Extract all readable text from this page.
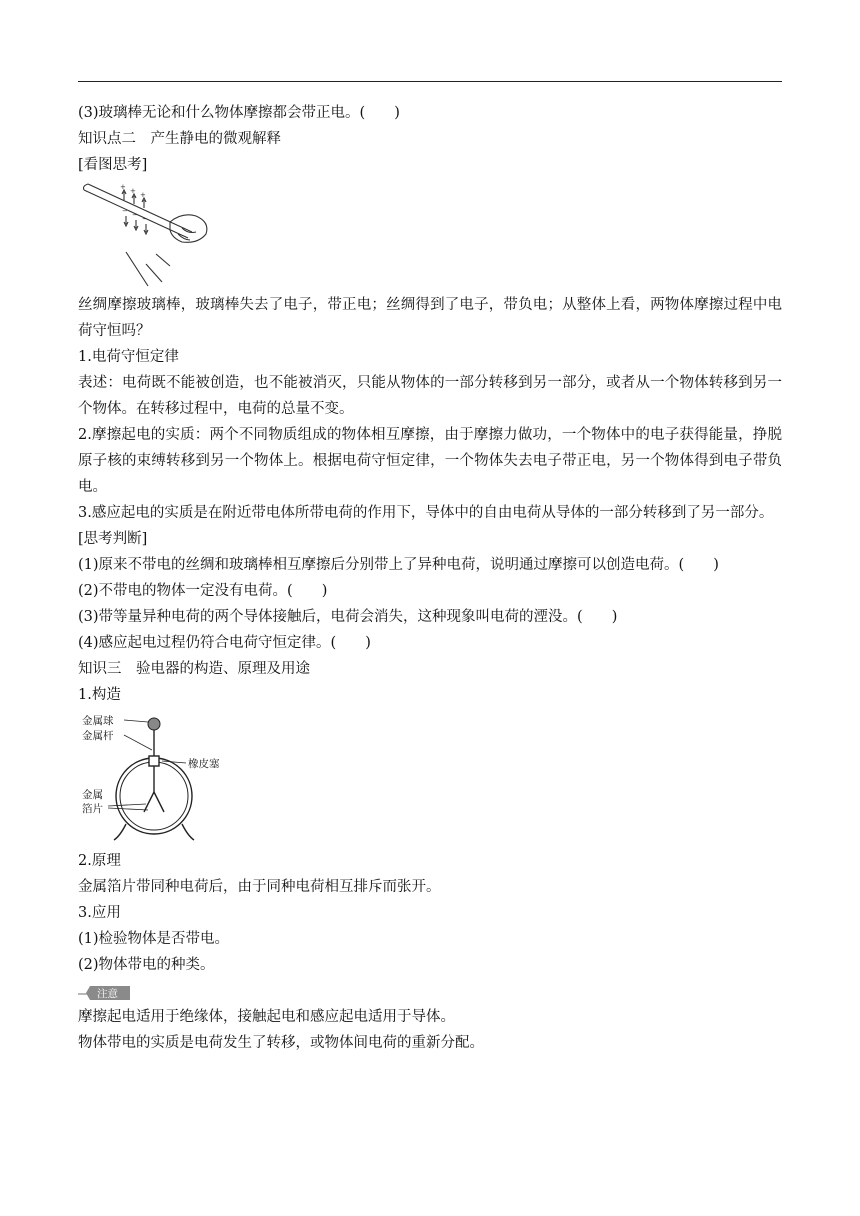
(3)玻璃棒无论和什么物体摩擦都会带正电。(　　)
知识点二　产生静电的微观解释
[看图思考]
+ + +
− − −
丝绸摩擦玻璃棒，玻璃棒失去了电子，带正电；丝绸得到了电子，带负电；从整体上看，两物体摩擦过程中电荷守恒吗？
1.电荷守恒定律
表述：电荷既不能被创造，也不能被消灭，只能从物体的一部分转移到另一部分，或者从一个物体转移到另一个物体。在转移过程中，电荷的总量不变。
2.摩擦起电的实质：两个不同物质组成的物体相互摩擦，由于摩擦力做功，一个物体中的电子获得能量，挣脱原子核的束缚转移到另一个物体上。根据电荷守恒定律，一个物体失去电子带正电，另一个物体得到电子带负电。
3.感应起电的实质是在附近带电体所带电荷的作用下，导体中的自由电荷从导体的一部分转移到了另一部分。
[思考判断]
(1)原来不带电的丝绸和玻璃棒相互摩擦后分别带上了异种电荷，说明通过摩擦可以创造电荷。(　　)
(2)不带电的物体一定没有电荷。(　　)
(3)带等量异种电荷的两个导体接触后，电荷会消失，这种现象叫电荷的湮没。(　　)
(4)感应起电过程仍符合电荷守恒定律。(　　)
知识三　验电器的构造、原理及用途
1.构造
金属球
金属杆
橡皮塞
金属
箔片
2.原理
金属箔片带同种电荷后，由于同种电荷相互排斥而张开。
3.应用
(1)检验物体是否带电。
(2)物体带电的种类。
注意
摩擦起电适用于绝缘体，接触起电和感应起电适用于导体。
物体带电的实质是电荷发生了转移，或物体间电荷的重新分配。
